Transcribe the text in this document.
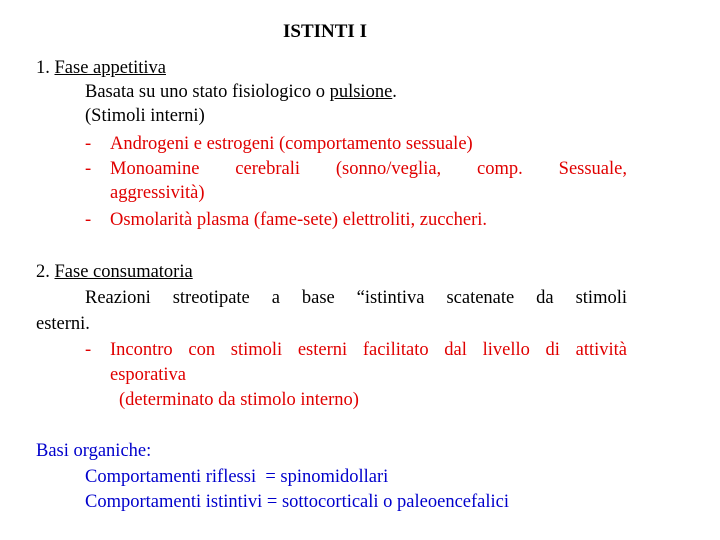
ISTINTI I
1. Fase appetitiva
Basata su uno stato fisiologico o pulsione.
(Stimoli interni)
- Androgeni e estrogeni (comportamento sessuale)
- Monoamine cerebrali (sonno/veglia, comp. Sessuale,
aggressività)
- Osmolarità plasma (fame-sete) elettroliti, zuccheri.
2. Fase consumatoria
Reazioni streotipate a base “istintiva scatenate da stimoli
esterni.
- Incontro con stimoli esterni facilitato dal livello di attività
esporativa
(determinato da stimolo interno)
Basi organiche:
Comportamenti riflessi  = spinomidollari
Comportamenti istintivi = sottocorticali o paleoencefalici
